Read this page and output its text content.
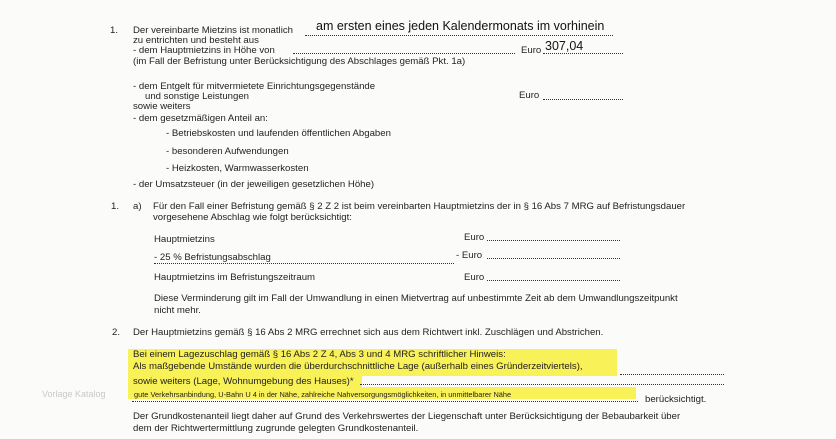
Vorlage Katalog
1. Der vereinbarte Mietzins ist monatlich am ersten eines jeden Kalendermonats im vorhinein
zu entrichten und besteht aus
- dem Hauptmietzins in Höhe von	Euro 307,04
(im Fall der Befristung unter Berücksichtigung des Abschlages gemäß Pkt. 1a)
- dem Entgelt für mitvermietete Einrichtungsgegenstände
und sonstige Leistungen	Euro
sowie weiters
- dem gesetzmäßigen Anteil an:
- Betriebskosten und laufenden öffentlichen Abgaben
- besonderen Aufwendungen
- Heizkosten, Warmwasserkosten
- der Umsatzsteuer (in der jeweiligen gesetzlichen Höhe)
1. a) Für den Fall einer Befristung gemäß § 2 Z 2 ist beim vereinbarten Hauptmietzins der in § 16 Abs 7 MRG auf Befristungsdauer
vorgesehene Abschlag wie folgt berücksichtigt:
Hauptmietzins	Euro
- 25 % Befristungsabschlag	- Euro
Hauptmietzins im Befristungszeitraum	Euro
Diese Verminderung gilt im Fall der Umwandlung in einen Mietvertrag auf unbestimmte Zeit ab dem Umwandlungszeitpunkt
nicht mehr.
2. Der Hauptmietzins gemäß § 16 Abs 2 MRG errechnet sich aus dem Richtwert inkl. Zuschlägen und Abstrichen.
Bei einem Lagezuschlag gemäß § 16 Abs 2 Z 4, Abs 3 und 4 MRG schriftlicher Hinweis:
Als maßgebende Umstände wurden die überdurchschnittliche Lage (außerhalb eines Gründerzeitviertels),
sowie weiters (Lage, Wohnumgebung des Hauses)*
gute Verkehrsanbindung, U-Bahn U 4 in der Nähe, zahlreiche Nahversorgungsmöglichkeiten, in unmittelbarer Nähe	berücksichtigt.
Der Grundkostenanteil liegt daher auf Grund des Verkehrswertes der Liegenschaft unter Berücksichtigung der Bebaubarkeit über
dem der Richtwertermittlung zugrunde gelegten Grundkostenanteil.
